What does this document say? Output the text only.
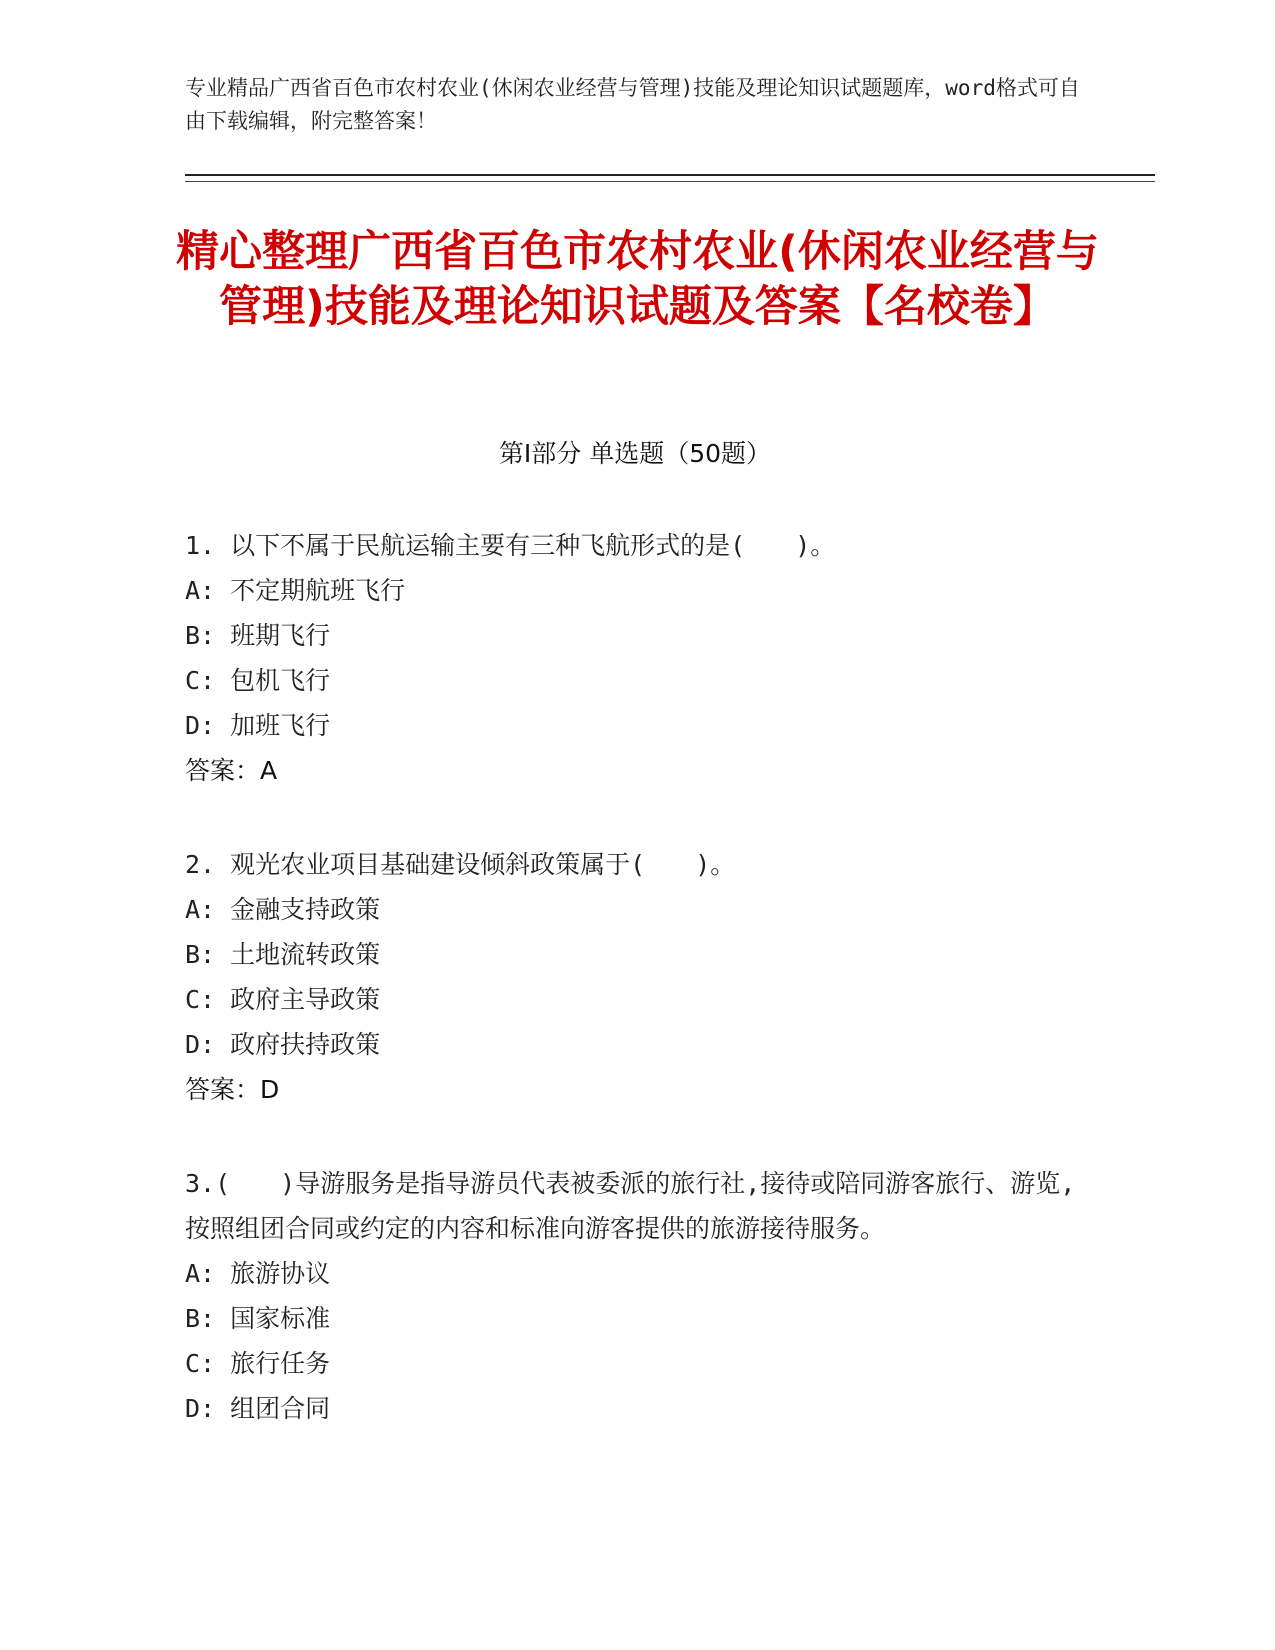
专业精品广西省百色市农村农业(休闲农业经营与管理)技能及理论知识试题题库，word格式可自由下载编辑，附完整答案！
精心整理广西省百色市农村农业(休闲农业经营与管理)技能及理论知识试题及答案【名校卷】
第Ⅰ部分 单选题（50题）

1. 以下不属于民航运输主要有三种飞航形式的是(　　)。

A: 不定期航班飞行

B: 班期飞行

C: 包机飞行

D: 加班飞行

答案：A

2. 观光农业项目基础建设倾斜政策属于(　　)。

A: 金融支持政策

B: 土地流转政策

C: 政府主导政策

D: 政府扶持政策

答案：D

3.(　　)导游服务是指导游员代表被委派的旅行社,接待或陪同游客旅行、游览,按照组团合同或约定的内容和标准向游客提供的旅游接待服务。

A: 旅游协议

B: 国家标准

C: 旅行任务

D: 组团合同
